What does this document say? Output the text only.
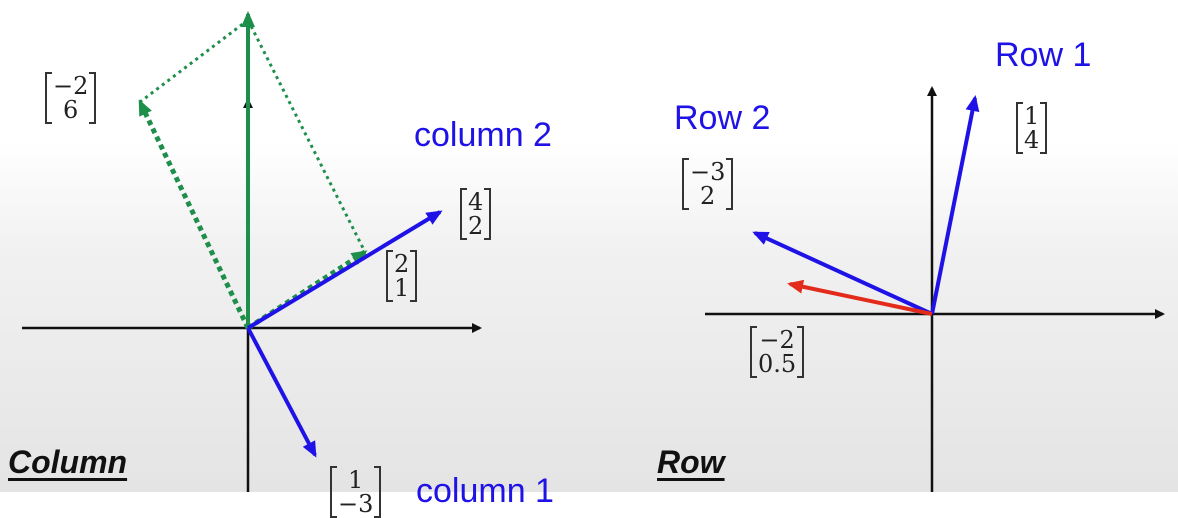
−2
6
column 2
4
2
2
1
1
−3 column 1
Column
Row 1
1
4
Row 2
−3
2
−2
0.5
Row
